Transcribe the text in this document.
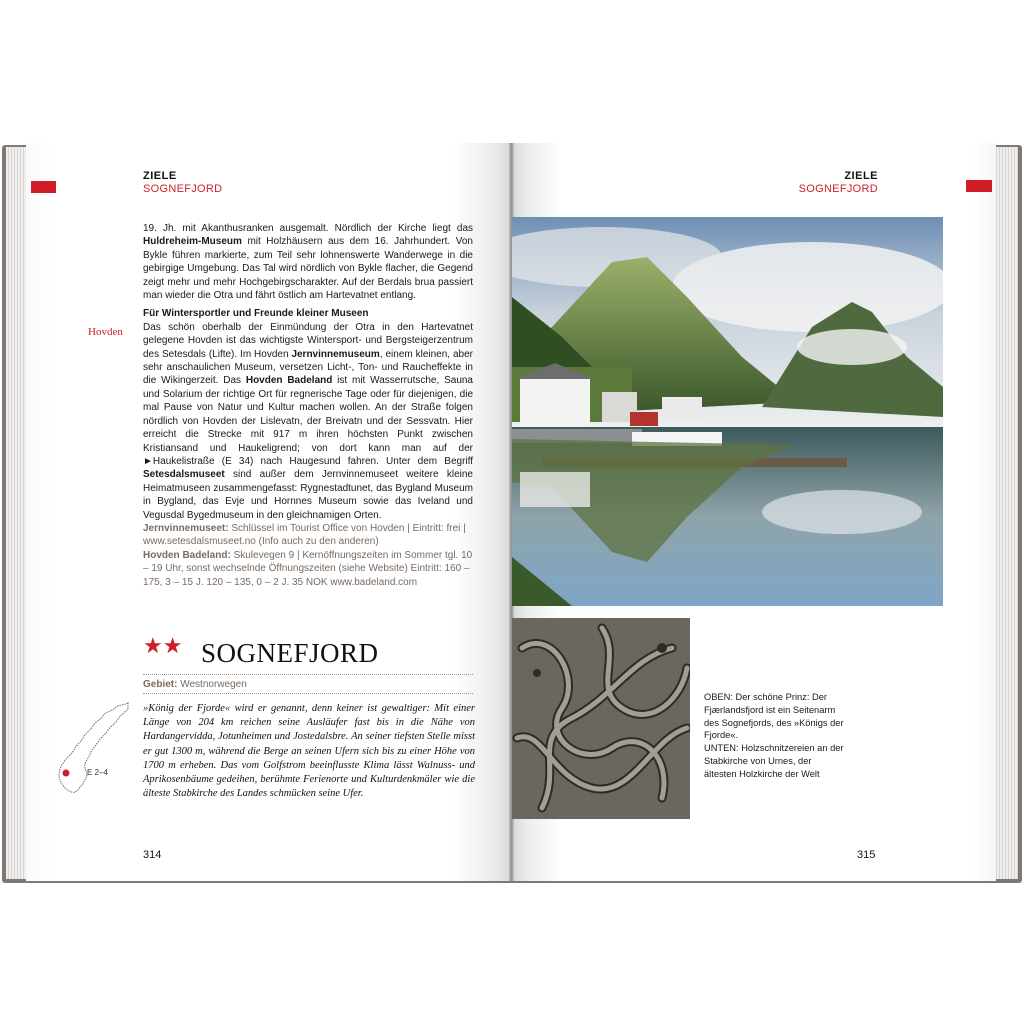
ZIELE
SOGNEFJORD
Hovden

19. Jh. mit Akanthusranken ausgemalt. Nördlich der Kirche liegt das Huldreheim-Museum mit Holzhäusern aus dem 16. Jahrhundert. Von Bykle führen markierte, zum Teil sehr lohnenswerte Wanderwege in die gebirgige Umgebung. Das Tal wird nördlich von Bykle flacher, die Gegend zeigt mehr und mehr Hochgebirgscharakter. Auf der Berdals brua passiert man wieder die Otra und fährt östlich am Hartevatnet entlang.

Für Wintersportler und Freunde kleiner Museen

Das schön oberhalb der Einmündung der Otra in den Hartevatnet gelegene Hovden ist das wichtigste Wintersport- und Bergsteigerzentrum des Setesdals (Lifte). Im Hovden Jernvinnemuseum, einem kleinen, aber sehr anschaulichen Museum, versetzen Licht-, Ton- und Raucheffekte in die Wikingerzeit. Das Hovden Badeland ist mit Wasserrutsche, Sauna und Solarium der richtige Ort für regnerische Tage oder für diejenigen, die mal Pause von Natur und Kultur machen wollen. An der Straße folgen nördlich von Hovden der Lislevatn, der Breivatn und der Sessvatn. Hier erreicht die Strecke mit 917 m ihren höchsten Punkt zwischen Kristiansand und Haukeligrend; von dort kann man auf der ►Haukelistraße (E 34) nach Haugesund fahren. Unter dem Begriff Setesdalsmuseet sind außer dem Jernvinnemuseet weitere kleine Heimatmuseen zusammengefasst: Rygnestadtunet, das Bygland Museum in Bygland, das Evje und Hornnes Museum sowie das Iveland und Vegusdal Bygedmuseum in den gleichnamigen Orten.

Jernvinnemuseet: Schlüssel im Tourist Office von Hovden | Eintritt: frei | www.setesdalsmuseet.no (Info auch zu den anderen)

Hovden Badeland: Skulevegen 9 | Kernöffnungszeiten im Sommer tgl. 10 – 19 Uhr, sonst wechselnde Öffnungszeiten (siehe Website) Eintritt: 160 – 175, 3 – 15 J. 120 – 135, 0 – 2 J. 35 NOK www.badeland.com

★★ SOGNEFJORD
Gebiet: Westnorwegen
»König der Fjorde« wird er genannt, denn keiner ist gewaltiger: Mit einer Länge von 204 km reichen seine Ausläufer fast bis in die Nähe von Hardangervidda, Jotunheimen und Jostedalsbre. An seiner tiefsten Stelle misst er gut 1300 m, während die Berge an seinen Ufern sich bis zu einer Höhe von 1700 m erheben. Das vom Golfstrom beeinflusste Klima lässt Walnuss- und Aprikosenbäume gedeihen, berühmte Ferienorte und Kulturdenkmäler wie die älteste Stabkirche des Landes schmücken seine Ufer.
E 2–4
314
ZIELE
SOGNEFJORD
OBEN: Der schöne Prinz: Der Fjærlandsfjord ist ein Seitenarm des Sognefjords, des »Königs der Fjorde«.
UNTEN: Holzschnitzereien an der Stabkirche von Urnes, der ältesten Holzkirche der Welt
315
